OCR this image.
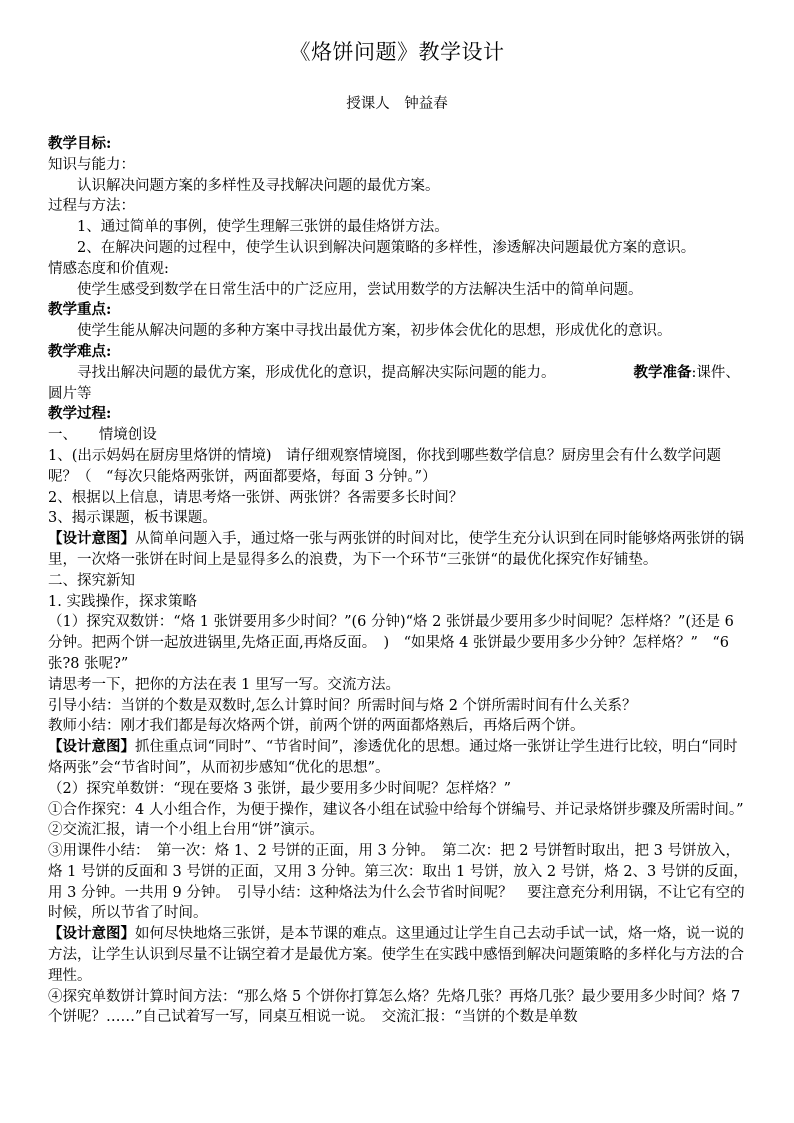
《烙饼问题》教学设计
授课人　钟益春

教学目标:

知识与能力：

认识解决问题方案的多样性及寻找解决问题的最优方案。

过程与方法：

1、通过简单的事例，使学生理解三张饼的最佳烙饼方法。

2、在解决问题的过程中，使学生认识到解决问题策略的多样性，渗透解决问题最优方案的意识。

情感态度和价值观:

使学生感受到数学在日常生活中的广泛应用，尝试用数学的方法解决生活中的简单问题。

教学重点:

使学生能从解决问题的多种方案中寻找出最优方案，初步体会优化的思想，形成优化的意识。

教学难点:

寻找出解决问题的最优方案，形成优化的意识，提高解决实际问题的能力。	教学准备:课件、圆片等

教学过程:

一、　　情境创设

1、(出示妈妈在厨房里烙饼的情境)　请仔细观察情境图，你找到哪些数学信息？厨房里会有什么数学问题呢？（　“每次只能烙两张饼，两面都要烙，每面 3 分钟。”）

2、根据以上信息，请思考烙一张饼、两张饼？各需要多长时间？

3、揭示课题，板书课题。

【设计意图】从简单问题入手，通过烙一张与两张饼的时间对比，使学生充分认识到在同时能够烙两张饼的锅里，一次烙一张饼在时间上是显得多么的浪费，为下一个环节“三张饼“的最优化探究作好铺垫。

二、探究新知

1. 实践操作，探求策略

（1）探究双数饼：“烙 1 张饼要用多少时间？”(6 分钟)“烙 2 张饼最少要用多少时间呢？怎样烙？”(还是 6 分钟。把两个饼一起放进锅里,先烙正面,再烙反面。　)　“如果烙 4 张饼最少要用多少分钟？怎样烙？”　“6 张?8 张呢?”

请思考一下，把你的方法在表 1 里写一写。交流方法。

引导小结：当饼的个数是双数时,怎么计算时间？所需时间与烙 2 个饼所需时间有什么关系？

教师小结：刚才我们都是每次烙两个饼，前两个饼的两面都烙熟后，再烙后两个饼。

【设计意图】抓住重点词“同时”、“节省时间”，渗透优化的思想。通过烙一张饼让学生进行比较，明白“同时烙两张”会“节省时间”，从而初步感知“优化的思想”。

（2）探究单数饼：“现在要烙 3 张饼，最少要用多少时间呢？怎样烙？”

①合作探究：4 人小组合作，为便于操作，建议各小组在试验中给每个饼编号、并记录烙饼步骤及所需时间。”

②交流汇报，请一个小组上台用“饼”演示。

③用课件小结：　第一次：烙 1、2 号饼的正面，用 3 分钟。　第二次：把 2 号饼暂时取出，把 3 号饼放入，烙 1 号饼的反面和 3 号饼的正面，又用 3 分钟。第三次：取出 1 号饼，放入 2 号饼，烙 2、3 号饼的反面，用 3 分钟。一共用 9 分钟。　引导小结：这种烙法为什么会节省时间呢？　要注意充分利用锅，不让它有空的时候，所以节省了时间。

【设计意图】如何尽快地烙三张饼，是本节课的难点。这里通过让学生自己去动手试一试，烙一烙，说一说的方法，让学生认识到尽量不让锅空着才是最优方案。使学生在实践中感悟到解决问题策略的多样化与方法的合理性。

④探究单数饼计算时间方法：“那么烙 5 个饼你打算怎么烙？先烙几张？再烙几张？最少要用多少时间？烙 7 个饼呢？……”自己试着写一写，同桌互相说一说。　交流汇报：“当饼的个数是单数
